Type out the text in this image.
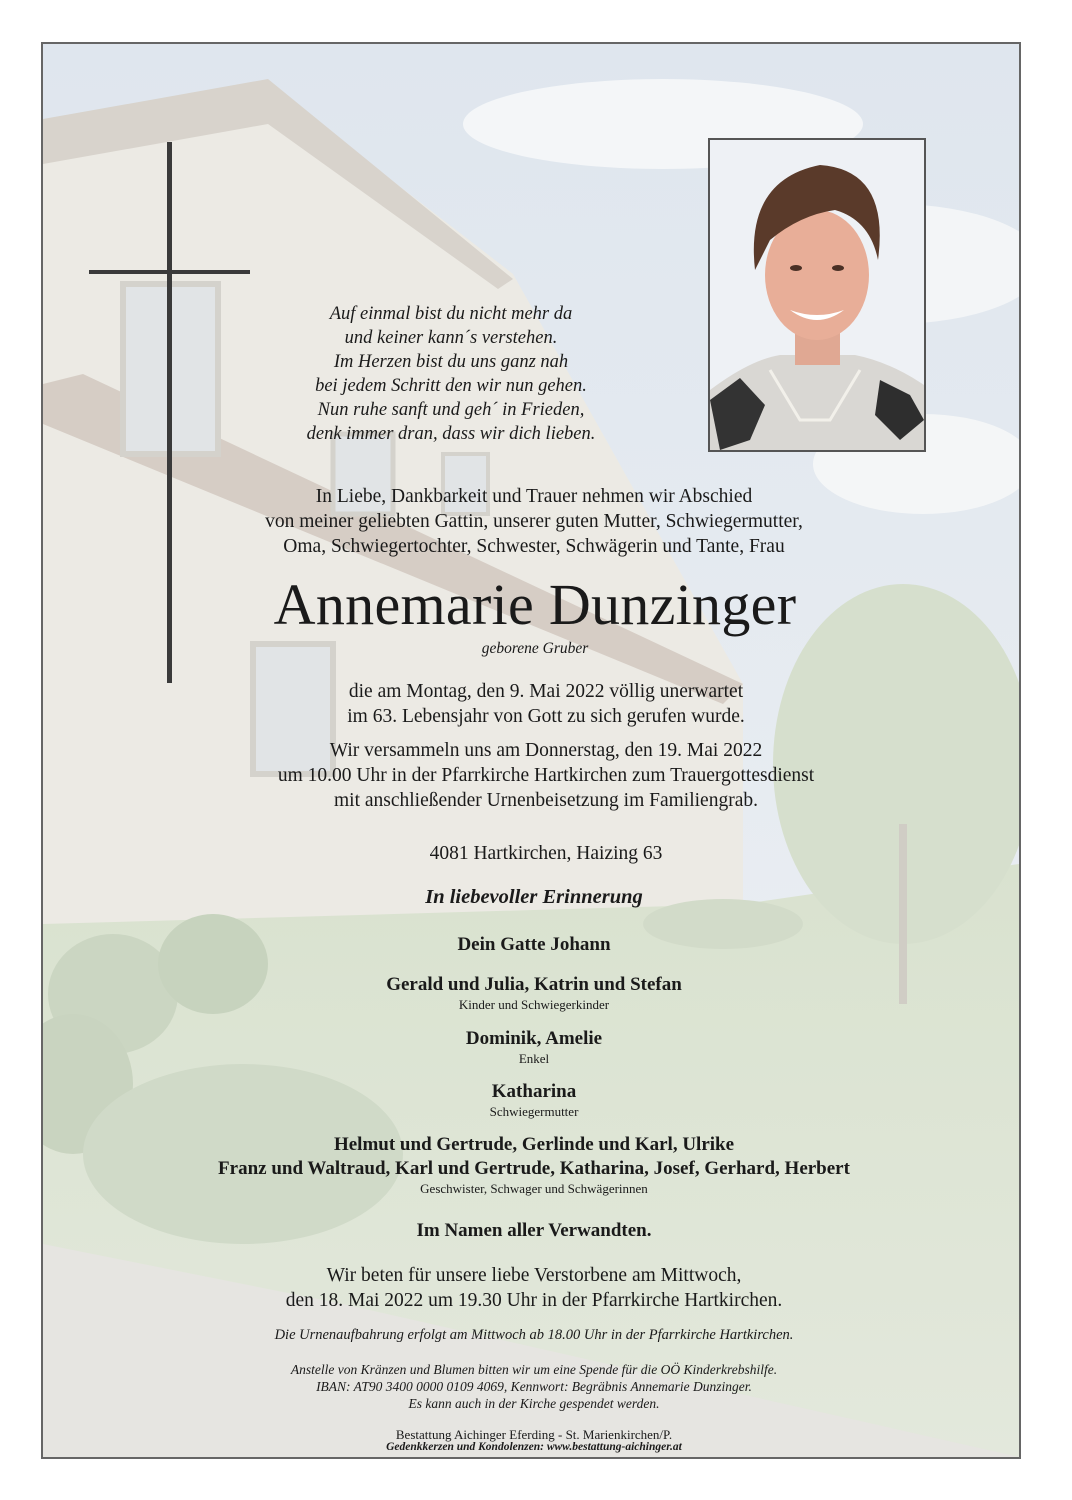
Auf einmal bist du nicht mehr da
und keiner kann´s verstehen.
Im Herzen bist du uns ganz nah
bei jedem Schritt den wir nun gehen.
Nun ruhe sanft und geh´ in Frieden,
denk immer dran, dass wir dich lieben.
In Liebe, Dankbarkeit und Trauer nehmen wir Abschied
von meiner geliebten Gattin, unserer guten Mutter, Schwiegermutter,
Oma, Schwiegertochter, Schwester, Schwägerin und Tante, Frau
Annemarie Dunzinger
geborene Gruber
die am Montag, den 9. Mai 2022 völlig unerwartet
im 63. Lebensjahr von Gott zu sich gerufen wurde.
Wir versammeln uns am Donnerstag, den 19. Mai 2022
um 10.00 Uhr in der Pfarrkirche Hartkirchen zum Trauergottesdienst
mit anschließender Urnenbeisetzung im Familiengrab.
4081 Hartkirchen, Haizing 63
In liebevoller Erinnerung
Dein Gatte Johann
Gerald und Julia, Katrin und Stefan
Kinder und Schwiegerkinder
Dominik, Amelie
Enkel
Katharina
Schwiegermutter
Helmut und Gertrude, Gerlinde und Karl, Ulrike
Franz und Waltraud, Karl und Gertrude, Katharina, Josef, Gerhard, Herbert
Geschwister, Schwager und Schwägerinnen
Im Namen aller Verwandten.
Wir beten für unsere liebe Verstorbene am Mittwoch,
den 18. Mai 2022 um 19.30 Uhr in der Pfarrkirche Hartkirchen.
Die Urnenaufbahrung erfolgt am Mittwoch ab 18.00 Uhr in der Pfarrkirche Hartkirchen.
Anstelle von Kränzen und Blumen bitten wir um eine Spende für die OÖ Kinderkrebshilfe.
IBAN: AT90 3400 0000 0109 4069, Kennwort: Begräbnis Annemarie Dunzinger.
Es kann auch in der Kirche gespendet werden.
Bestattung Aichinger Eferding - St. Marienkirchen/P.
Gedenkkerzen und Kondolenzen: www.bestattung-aichinger.at
